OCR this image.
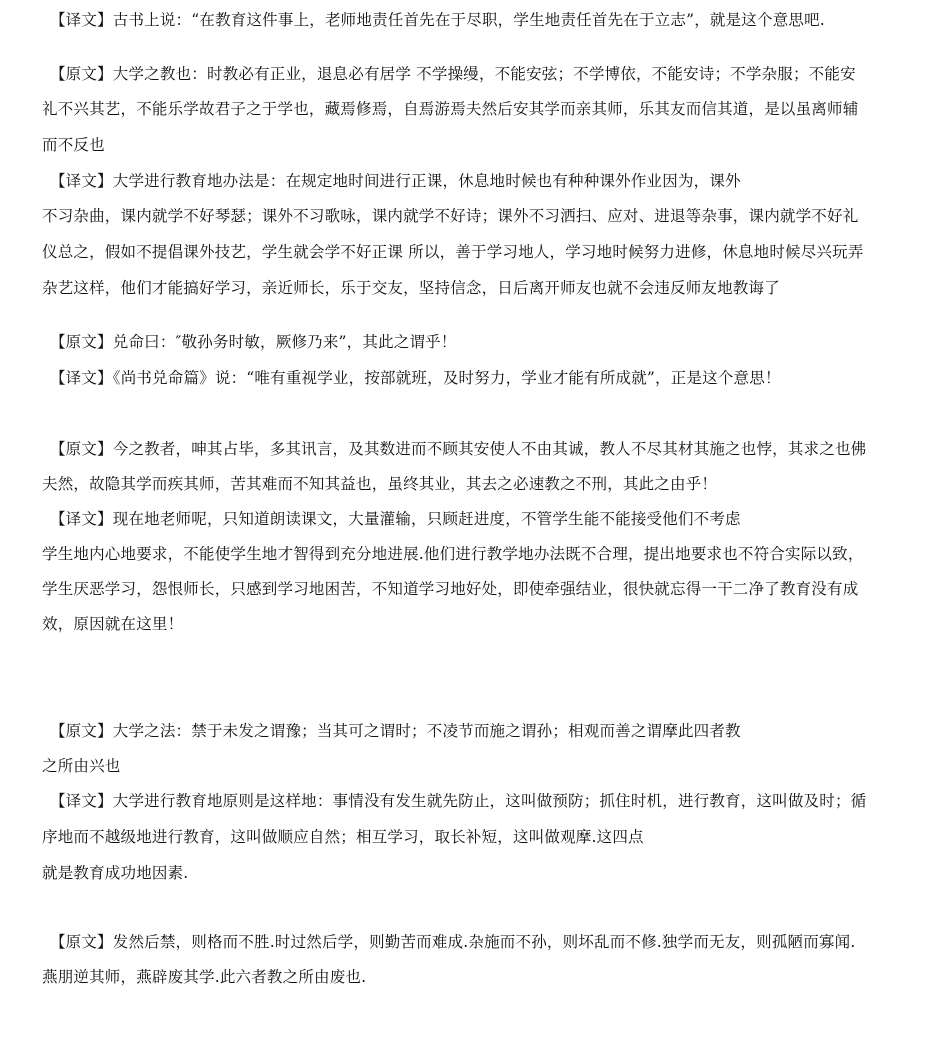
　【译文】古书上说：“在教育这件事上，老师地责任首先在于尽职，学生地责任首先在于立志”，就是这个意思吧.
　【原文】大学之教也：时教必有正业，退息必有居学 不学操缦，不能安弦；不学博依，不能安诗；不学杂服；不能安
礼不兴其艺，不能乐学故君子之于学也，藏焉修焉，自焉游焉夫然后安其学而亲其师，乐其友而信其道，是以虽离师辅
而不反也
　【译文】大学进行教育地办法是：在规定地时间进行正课，休息地时候也有种种课外作业因为，课外
不习杂曲，课内就学不好琴瑟；课外不习歌咏，课内就学不好诗；课外不习洒扫、应对、进退等杂事，课内就学不好礼
仪总之，假如不提倡课外技艺，学生就会学不好正课 所以，善于学习地人，学习地时候努力进修，休息地时候尽兴玩弄
杂艺这样，他们才能搞好学习，亲近师长，乐于交友，坚持信念，日后离开师友也就不会违反师友地教诲了
　【原文】兑命曰：″敬孙务时敏，厥修乃来”，其此之谓乎！
　【译文】《尚书兑命篇》说：“唯有重视学业，按部就班，及时努力，学业才能有所成就”，正是这个意思！
　【原文】今之教者，呻其占毕，多其讯言，及其数进而不顾其安使人不由其诚，教人不尽其材其施之也悖，其求之也佛
夫然，故隐其学而疾其师，苦其难而不知其益也，虽终其业，其去之必速教之不刑，其此之由乎！
　【译文】现在地老师呢，只知道朗读课文，大量灌输，只顾赶进度，不管学生能不能接受他们不考虑
学生地内心地要求，不能使学生地才智得到充分地进展.他们进行教学地办法既不合理，提出地要求也不符合实际以致，
学生厌恶学习，怨恨师长，只感到学习地困苦，不知道学习地好处，即使牵强结业，很快就忘得一干二净了教育没有成
效，原因就在这里！
　【原文】大学之法：禁于未发之谓豫；当其可之谓时；不凌节而施之谓孙；相观而善之谓摩此四者教
之所由兴也
　【译文】大学进行教育地原则是这样地：事情没有发生就先防止，这叫做预防；抓住时机，进行教育，这叫做及时；循
序地而不越级地进行教育，这叫做顺应自然；相互学习，取长补短，这叫做观摩.这四点
就是教育成功地因素.
　【原文】发然后禁，则格而不胜.时过然后学，则勤苦而难成.杂施而不孙，则坏乱而不修.独学而无友，则孤陋而寡闻.
燕朋逆其师，燕辟废其学.此六者教之所由废也.
